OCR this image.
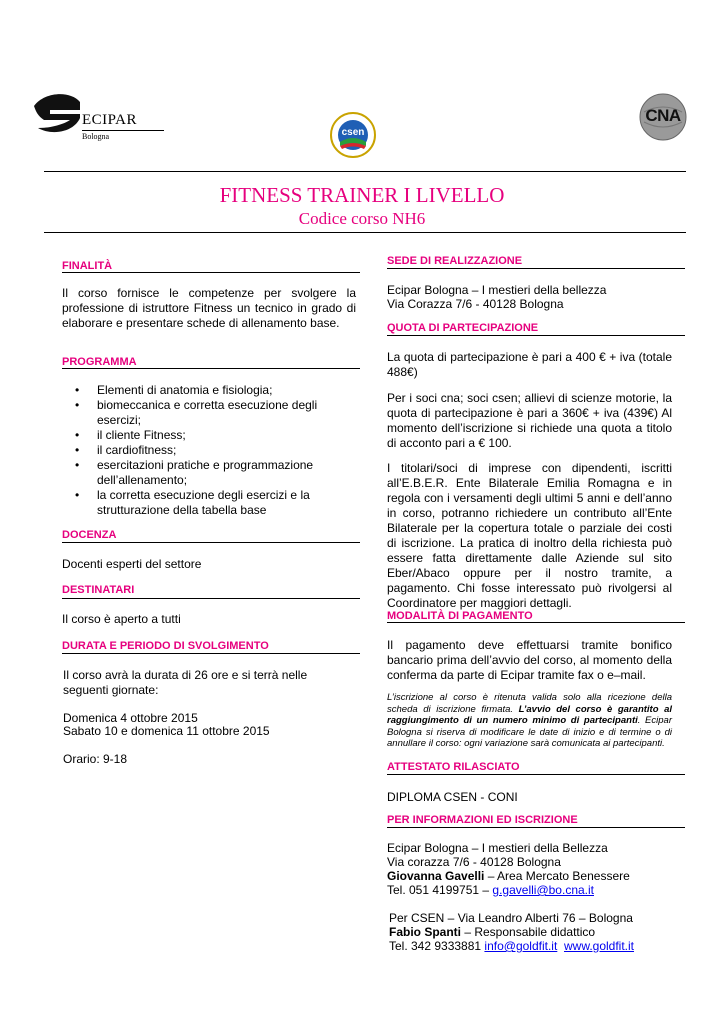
ECIPAR
Bologna	csen
CNA
FITNESS TRAINER I LIVELLO
Codice corso NH6
FINALITÀ
Il corso fornisce le competenze per svolgere la professione di istruttore Fitness un tecnico in grado di elaborare e presentare schede di allenamento base.
PROGRAMMA
• Elementi di anatomia e fisiologia;
• biomeccanica e corretta esecuzione degli esercizi;
• il cliente Fitness;
• il cardiofitness;
• esercitazioni pratiche e programmazione dell’allenamento;
• la corretta esecuzione degli esercizi e la strutturazione della tabella base
DOCENZA
Docenti esperti del settore
DESTINATARI
Il corso è aperto a tutti
DURATA E PERIODO DI SVOLGIMENTO
Il corso avrà la durata di 26 ore e si terrà nelle seguenti giornate:
Domenica 4 ottobre 2015
Sabato 10 e domenica 11 ottobre 2015
Orario: 9-18
SEDE DI REALIZZAZIONE
Ecipar Bologna – I mestieri della bellezza
Via Corazza 7/6 - 40128 Bologna
QUOTA DI PARTECIPAZIONE
La quota di partecipazione è pari a 400 € + iva (totale 488€)
Per i soci cna; soci csen; allievi di scienze motorie, la quota di partecipazione è pari a 360€ + iva (439€) Al momento dell’iscrizione si richiede una quota a titolo di acconto pari a € 100.
I titolari/soci di imprese con dipendenti, iscritti all’E.B.E.R. Ente Bilaterale Emilia Romagna e in regola con i versamenti degli ultimi 5 anni e dell’anno in corso, potranno richiedere un contributo all’Ente Bilaterale per la copertura totale o parziale dei costi di iscrizione. La pratica di inoltro della richiesta può essere fatta direttamente dalle Aziende sul sito Eber/Abaco oppure per il nostro tramite, a pagamento. Chi fosse interessato può rivolgersi al Coordinatore per maggiori dettagli.
MODALITÀ DI PAGAMENTO
Il pagamento deve effettuarsi tramite bonifico bancario prima dell’avvio del corso, al momento della conferma da parte di Ecipar tramite fax o e–mail.
L’iscrizione al corso è ritenuta valida solo alla ricezione della scheda di iscrizione firmata. L’avvio del corso è garantito al raggiungimento di un numero minimo di partecipanti. Ecipar Bologna si riserva di modificare le date di inizio e di termine o di annullare il corso: ogni variazione sarà comunicata ai partecipanti.
ATTESTATO RILASCIATO
DIPLOMA CSEN - CONI
PER INFORMAZIONI ED ISCRIZIONE
Ecipar Bologna – I mestieri della Bellezza
Via corazza 7/6 - 40128 Bologna
Giovanna Gavelli – Area Mercato Benessere
Tel. 051 4199751 – g.gavelli@bo.cna.it
Per CSEN – Via Leandro Alberti 76 – Bologna
Fabio Spanti – Responsabile didattico
Tel. 342 9333881 info@goldfit.it www.goldfit.it
